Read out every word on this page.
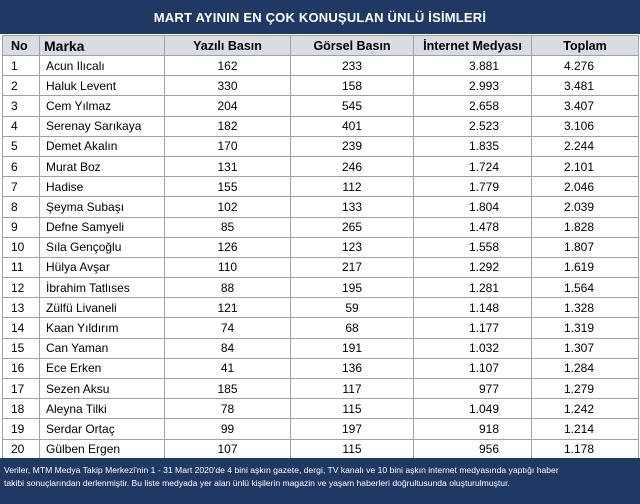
MART AYININ EN ÇOK KONUŞULAN ÜNLÜ İSİMLERİ
No	Marka	Yazılı Basın	Görsel Basın	İnternet Medyası	Toplam
1	Acun Ilıcalı	162	233	3.881	4.276
2	Haluk Levent	330	158	2.993	3.481
3	Cem Yılmaz	204	545	2.658	3.407
4	Serenay Sarıkaya	182	401	2.523	3.106
5	Demet Akalın	170	239	1.835	2.244
6	Murat Boz	131	246	1.724	2.101
7	Hadise	155	112	1.779	2.046
8	Şeyma Subaşı	102	133	1.804	2.039
9	Defne Samyeli	85	265	1.478	1.828
10	Sıla Gençoğlu	126	123	1.558	1.807
11	Hülya Avşar	110	217	1.292	1.619
12	İbrahim Tatlıses	88	195	1.281	1.564
13	Zülfü Livaneli	121	59	1.148	1.328
14	Kaan Yıldırım	74	68	1.177	1.319
15	Can Yaman	84	191	1.032	1.307
16	Ece Erken	41	136	1.107	1.284
17	Sezen Aksu	185	117	977	1.279
18	Aleyna Tilki	78	115	1.049	1.242
19	Serdar Ortaç	99	197	918	1.214
20	Gülben Ergen	107	115	956	1.178
Veriler, MTM Medya Takip Merkezi'nin 1 - 31 Mart 2020'de 4 bini aşkın gazete, dergi, TV kanalı ve 10 bini aşkın internet medyasında yaptığı haber
takibi sonuçlarından derlenmiştir. Bu liste medyada yer alan ünlü kişilerin magazin ve yaşam haberleri doğrultusunda oluşturulmuştur.
